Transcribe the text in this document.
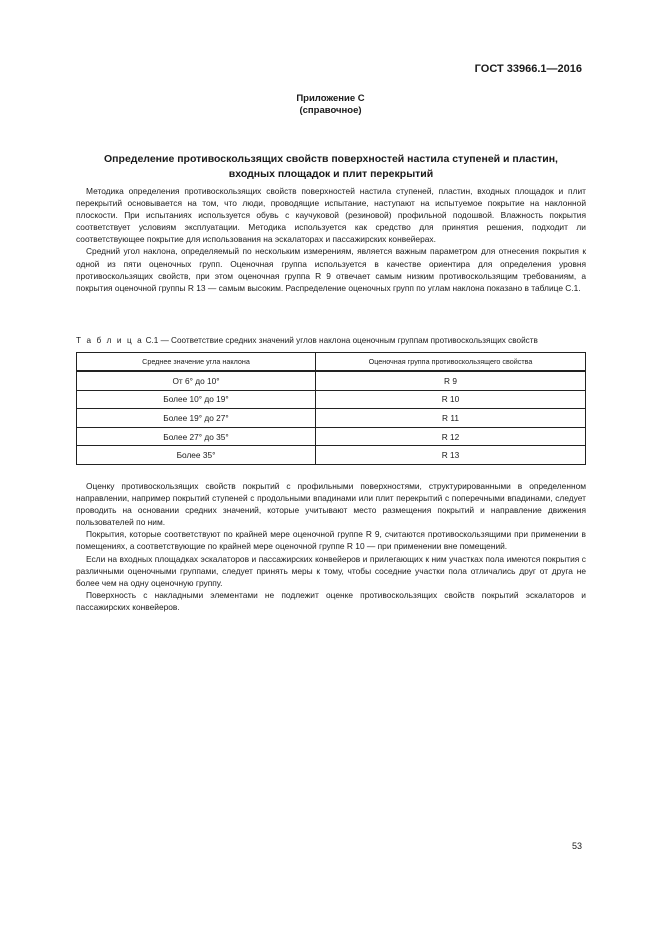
ГОСТ 33966.1—2016
Приложение С
(справочное)
Определение противоскользящих свойств поверхностей настила ступеней и пластин,
входных площадок и плит перекрытий

Методика определения противоскользящих свойств поверхностей настила ступеней, пластин, входных площадок и плит перекрытий основывается на том, что люди, проводящие испытание, наступают на испытуемое покрытие на наклонной плоскости. При испытаниях используется обувь с каучуковой (резиновой) профильной подошвой. Влажность покрытия соответствует условиям эксплуатации. Методика используется как средство для принятия решения, подходит ли соответствующее покрытие для использования на эскалаторах и пассажирских конвейерах.

Средний угол наклона, определяемый по нескольким измерениям, является важным параметром для отнесения покрытия к одной из пяти оценочных групп. Оценочная группа используется в качестве ориентира для определения уровня противоскользящих свойств, при этом оценочная группа R 9 отвечает самым низким противоскользящим требованиям, а покрытия оценочной группы R 13 — самым высоким. Распределение оценочных групп по углам наклона показано в таблице С.1.

Т а б л и ц а С.1 — Соответствие средних значений углов наклона оценочным группам противоскользящих свойств
Среднее значение угла наклона	Оценочная группа противоскользящего свойства
От 6° до 10°	R 9
Более 10° до 19°	R 10
Более 19° до 27°	R 11
Более 27° до 35°	R 12
Более 35°	R 13

Оценку противоскользящих свойств покрытий с профильными поверхностями, структурированными в определенном направлении, например покрытий ступеней с продольными впадинами или плит перекрытий с поперечными впадинами, следует проводить на основании средних значений, которые учитывают место размещения покрытий и направление движения пользователей по ним.

Покрытия, которые соответствуют по крайней мере оценочной группе R 9, считаются противоскользящими при применении в помещениях, а соответствующие по крайней мере оценочной группе R 10 — при применении вне помещений.

Если на входных площадках эскалаторов и пассажирских конвейеров и прилегающих к ним участках пола имеются покрытия с различными оценочными группами, следует принять меры к тому, чтобы соседние участки пола отличались друг от друга не более чем на одну оценочную группу.

Поверхность с накладными элементами не подлежит оценке противоскользящих свойств покрытий эскалаторов и пассажирских конвейеров.

53
